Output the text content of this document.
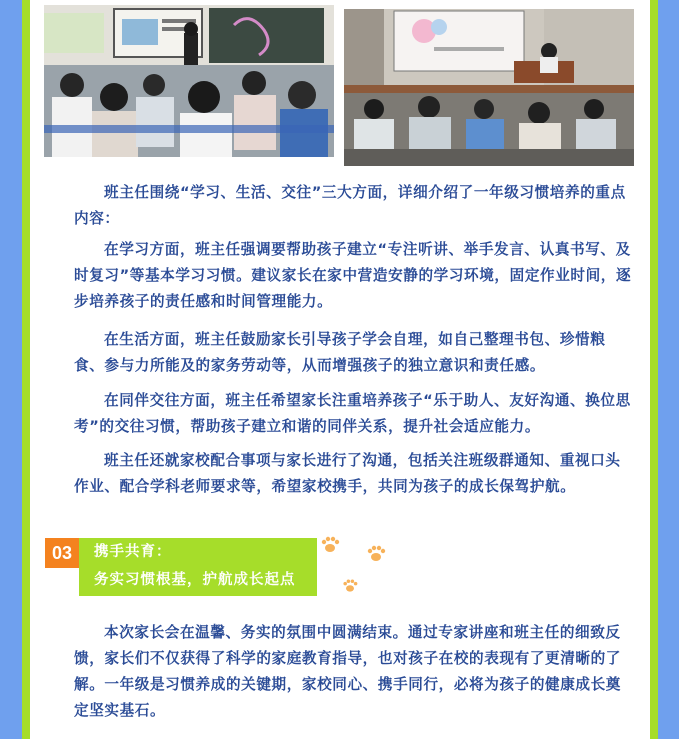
班主任围绕“学习、生活、交往”三大方面，详细介绍了一年级习惯培养的重点内容：

在学习方面，班主任强调要帮助孩子建立“专注听讲、举手发言、认真书写、及时复习”等基本学习习惯。建议家长在家中营造安静的学习环境，固定作业时间，逐步培养孩子的责任感和时间管理能力。

在生活方面，班主任鼓励家长引导孩子学会自理，如自己整理书包、珍惜粮食、参与力所能及的家务劳动等，从而增强孩子的独立意识和责任感。

在同伴交往方面，班主任希望家长注重培养孩子“乐于助人、友好沟通、换位思考”的交往习惯，帮助孩子建立和谐的同伴关系，提升社会适应能力。

班主任还就家校配合事项与家长进行了沟通，包括关注班级群通知、重视口头作业、配合学科老师要求等，希望家校携手，共同为孩子的成长保驾护航。

03	携手共育：
务实习惯根基，护航成长起点

本次家长会在温馨、务实的氛围中圆满结束。通过专家讲座和班主任的细致反馈，家长们不仅获得了科学的家庭教育指导，也对孩子在校的表现有了更清晰的了解。一年级是习惯养成的关键期，家校同心、携手同行，必将为孩子的健康成长奠定坚实基石。
